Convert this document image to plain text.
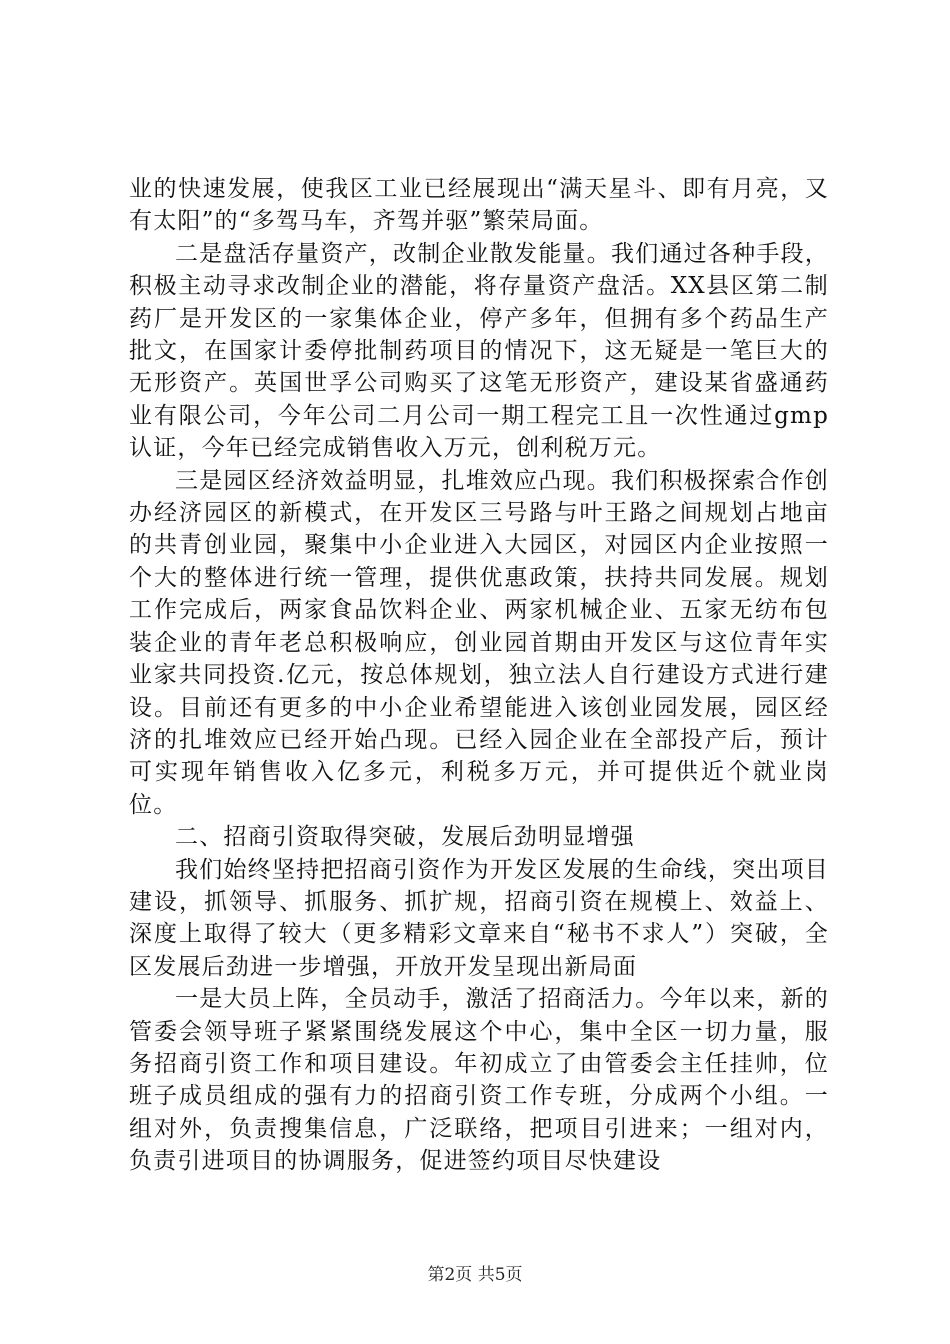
业的快速发展，使我区工业已经展现出“满天星斗、即有月亮，又有太阳”的“多驾马车，齐驾并驱”繁荣局面。

二是盘活存量资产，改制企业散发能量。我们通过各种手段，积极主动寻求改制企业的潜能，将存量资产盘活。XX县区第二制药厂是开发区的一家集体企业，停产多年，但拥有多个药品生产批文，在国家计委停批制药项目的情况下，这无疑是一笔巨大的无形资产。英国世孚公司购买了这笔无形资产，建设某省盛通药业有限公司，今年公司二月公司一期工程完工且一次性通过gmp认证，今年已经完成销售收入万元，创利税万元。

三是园区经济效益明显，扎堆效应凸现。我们积极探索合作创办经济园区的新模式，在开发区三号路与叶王路之间规划占地亩的共青创业园，聚集中小企业进入大园区，对园区内企业按照一个大的整体进行统一管理，提供优惠政策，扶持共同发展。规划工作完成后，两家食品饮料企业、两家机械企业、五家无纺布包装企业的青年老总积极响应，创业园首期由开发区与这位青年实业家共同投资.亿元，按总体规划，独立法人自行建设方式进行建设。目前还有更多的中小企业希望能进入该创业园发展，园区经济的扎堆效应已经开始凸现。已经入园企业在全部投产后，预计可实现年销售收入亿多元，利税多万元，并可提供近个就业岗位。

二、招商引资取得突破，发展后劲明显增强

我们始终坚持把招商引资作为开发区发展的生命线，突出项目建设，抓领导、抓服务、抓扩规，招商引资在规模上、效益上、深度上取得了较大（更多精彩文章来自“秘书不求人”）突破，全区发展后劲进一步增强，开放开发呈现出新局面

一是大员上阵，全员动手，激活了招商活力。今年以来，新的管委会领导班子紧紧围绕发展这个中心，集中全区一切力量，服务招商引资工作和项目建设。年初成立了由管委会主任挂帅，位班子成员组成的强有力的招商引资工作专班，分成两个小组。一组对外，负责搜集信息，广泛联络，把项目引进来；一组对内，负责引进项目的协调服务，促进签约项目尽快建设

第2页 共5页
